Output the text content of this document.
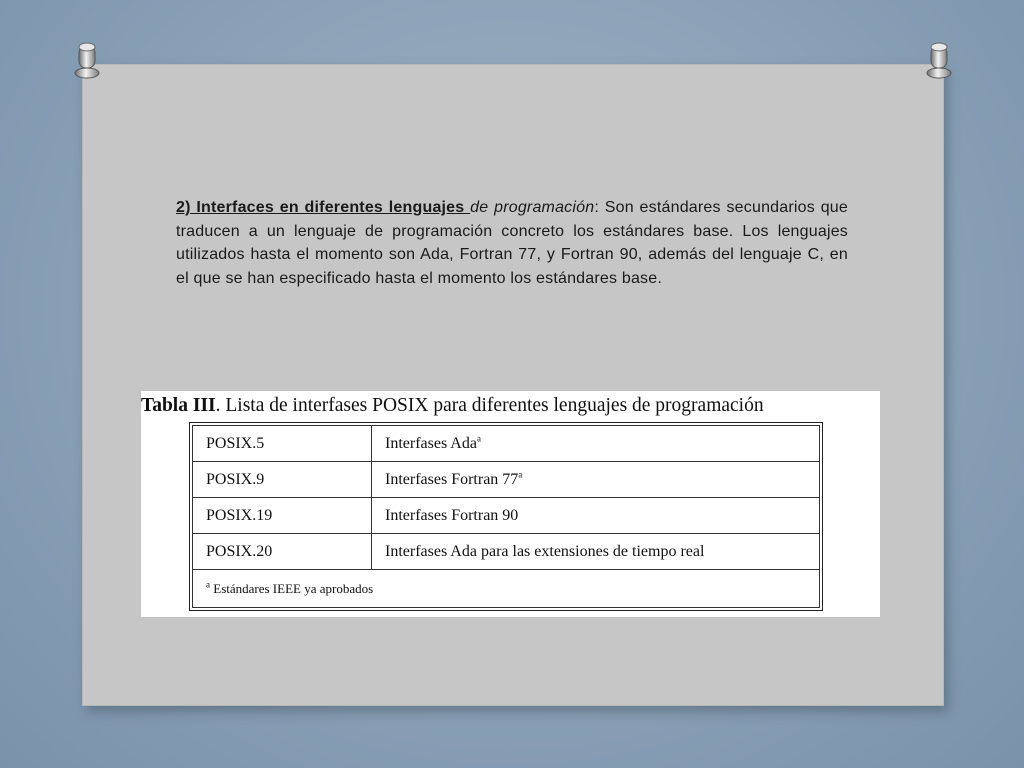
2) Interfaces en diferentes lenguajes de programación: Son estándares secundarios que traducen a un lenguaje de programación concreto los estándares base. Los lenguajes utilizados hasta el momento son Ada, Fortran 77, y Fortran 90, además del lenguaje C, en el que se han especificado hasta el momento los estándares base.

Tabla III. Lista de interfases POSIX para diferentes lenguajes de programación
POSIX.5	Interfases Ada$^a$
POSIX.9	Interfases Fortran 77$^a$
POSIX.19	Interfases Fortran 90
POSIX.20	Interfases Ada para las extensiones de tiempo real
$^a$ Estándares IEEE ya aprobados	
